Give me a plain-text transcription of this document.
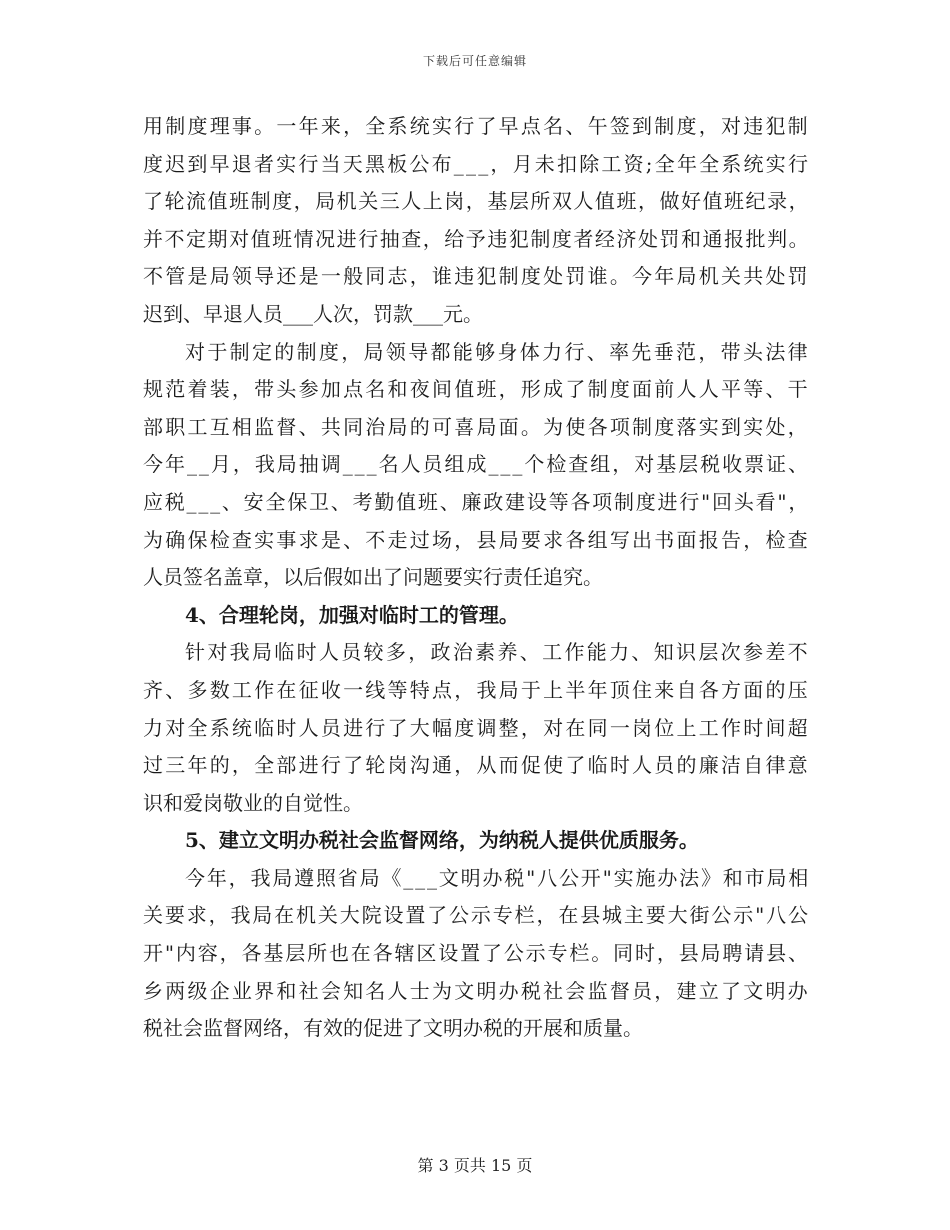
下载后可任意编辑
用制度理事。一年来，全系统实行了早点名、午签到制度，对违犯制
度迟到早退者实行当天黑板公布___，月未扣除工资;全年全系统实行
了轮流值班制度，局机关三人上岗，基层所双人值班，做好值班纪录，
并不定期对值班情况进行抽查，给予违犯制度者经济处罚和通报批判。
不管是局领导还是一般同志，谁违犯制度处罚谁。今年局机关共处罚
迟到、早退人员___人次，罚款___元。
对于制定的制度，局领导都能够身体力行、率先垂范，带头法律
规范着装，带头参加点名和夜间值班，形成了制度面前人人平等、干
部职工互相监督、共同治局的可喜局面。为使各项制度落实到实处，
今年__月，我局抽调___名人员组成___个检查组，对基层税收票证、
应税___、安全保卫、考勤值班、廉政建设等各项制度进行"回头看"，
为确保检查实事求是、不走过场，县局要求各组写出书面报告，检查
人员签名盖章，以后假如出了问题要实行责任追究。
4、合理轮岗，加强对临时工的管理。
针对我局临时人员较多，政治素养、工作能力、知识层次参差不
齐、多数工作在征收一线等特点，我局于上半年顶住来自各方面的压
力对全系统临时人员进行了大幅度调整，对在同一岗位上工作时间超
过三年的，全部进行了轮岗沟通，从而促使了临时人员的廉洁自律意
识和爱岗敬业的自觉性。
5、建立文明办税社会监督网络，为纳税人提供优质服务。
今年，我局遵照省局《___文明办税"八公开"实施办法》和市局相
关要求，我局在机关大院设置了公示专栏，在县城主要大街公示"八公
开"内容，各基层所也在各辖区设置了公示专栏。同时，县局聘请县、
乡两级企业界和社会知名人士为文明办税社会监督员，建立了文明办
税社会监督网络，有效的促进了文明办税的开展和质量。
第 3 页共 15 页
